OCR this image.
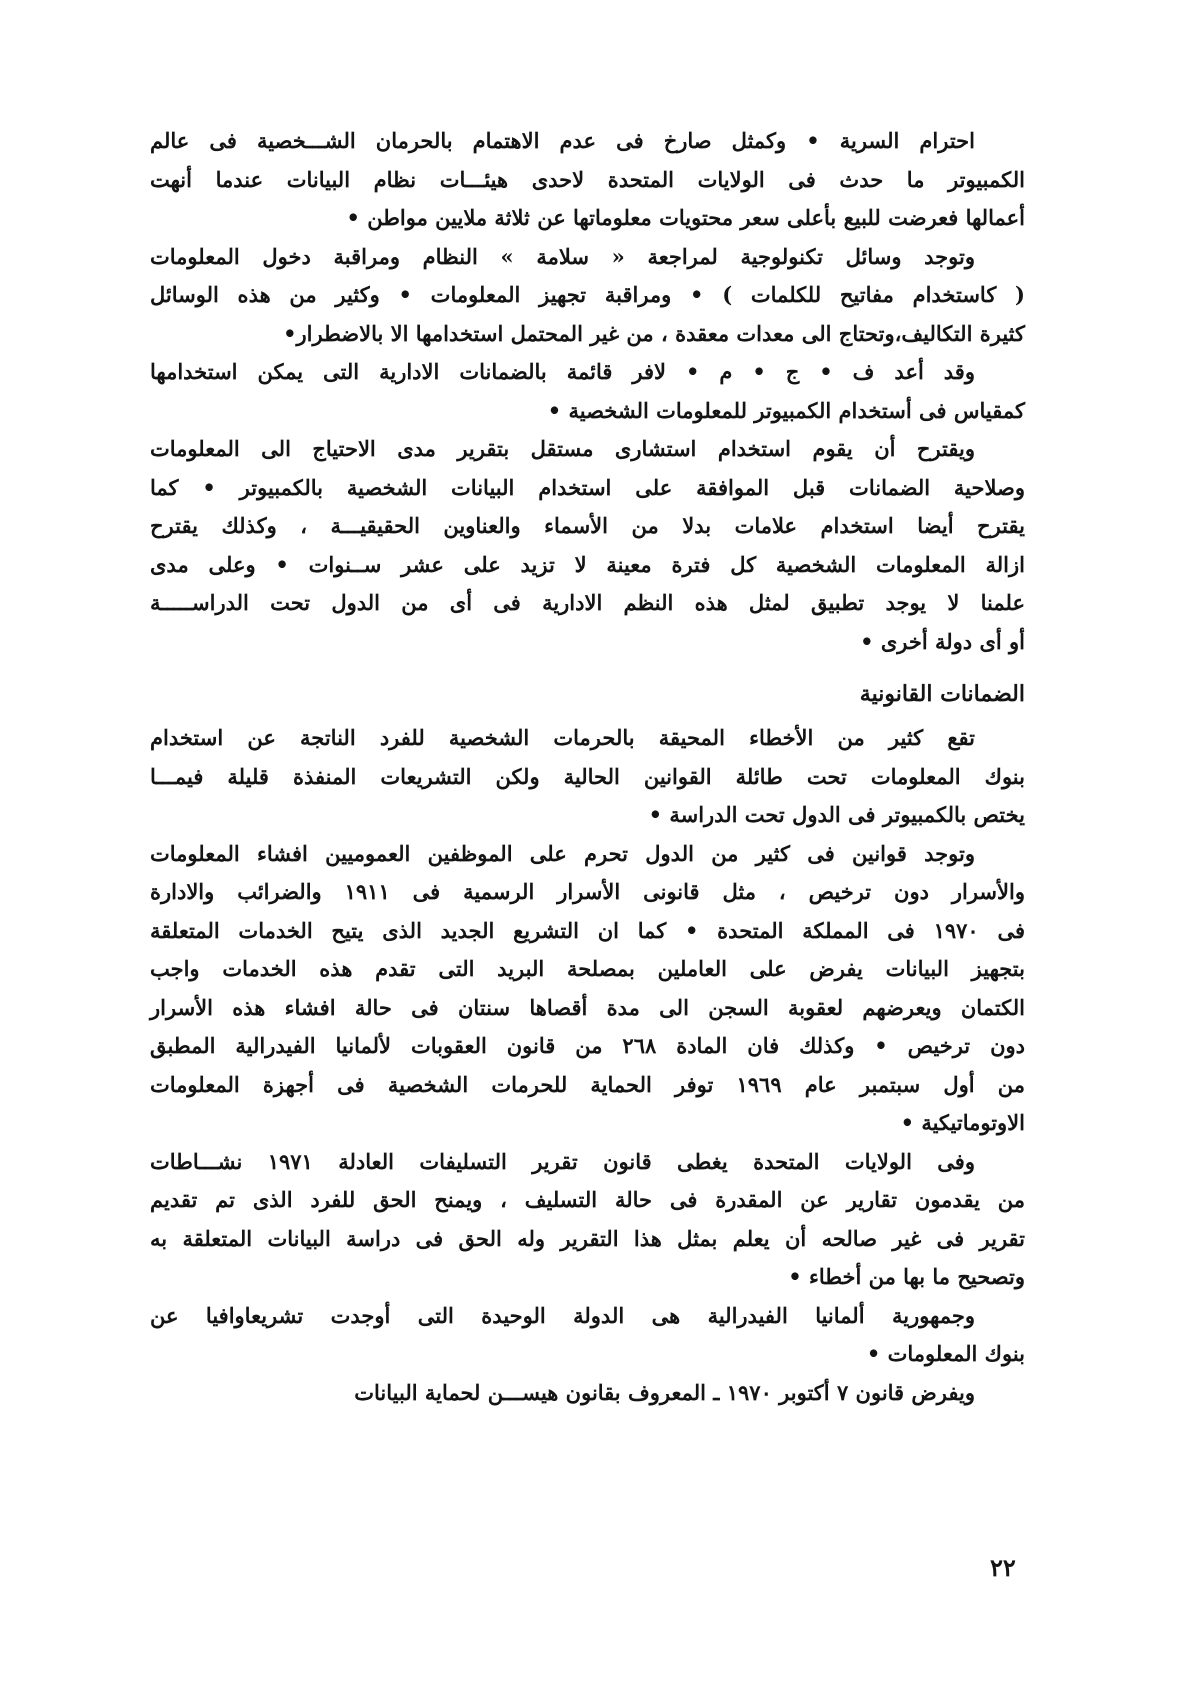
احترام السرية • وكمثل صارخ فى عدم الاهتمام بالحرمان الشـــخصية فى عالم
الكمبيوتر ما حدث فى الولايات المتحدة لاحدى هيئـــات نظام البيانات عندما أنهت
أعمالها فعرضت للبيع بأعلى سعر محتويات معلوماتها عن ثلاثة ملايين مواطن •

وتوجد وسائل تكنولوجية لمراجعة « سلامة » النظام ومراقبة دخول المعلومات
( كاستخدام مفاتيح للكلمات ) • ومراقبة تجهيز المعلومات • وكثير من هذه الوسائل
كثيرة التكاليف،وتحتاج الى معدات معقدة ، من غير المحتمل استخدامها الا بالاضطرار•

وقد أعد ف • ج • م • لافر قائمة بالضمانات الادارية التى يمكن استخدامها
كمقياس فى أستخدام الكمبيوتر للمعلومات الشخصية •

ويقترح أن يقوم استخدام استشارى مستقل بتقرير مدى الاحتياج الى المعلومات
وصلاحية الضمانات قبل الموافقة على استخدام البيانات الشخصية بالكمبيوتر • كما
يقترح أيضا استخدام علامات بدلا من الأسماء والعناوين الحقيقيـــة ، وكذلك يقترح
ازالة المعلومات الشخصية كل فترة معينة لا تزيد على عشر ســنوات • وعلى مدى
علمنا لا يوجد تطبيق لمثل هذه النظم الادارية فى أى من الدول تحت الدراســـــة
أو أى دولة أخرى •

الضمانات القانونية

تقع كثير من الأخطاء المحيقة بالحرمات الشخصية للفرد الناتجة عن استخدام
بنوك المعلومات تحت طائلة القوانين الحالية ولكن التشريعات المنفذة قليلة فيمـــا
يختص بالكمبيوتر فى الدول تحت الدراسة •

وتوجد قوانين فى كثير من الدول تحرم على الموظفين العموميين افشاء المعلومات
والأسرار دون ترخيص ، مثل قانونى الأسرار الرسمية فى ١٩١١ والضرائب والادارة
فى ١٩٧٠ فى المملكة المتحدة • كما ان التشريع الجديد الذى يتيح الخدمات المتعلقة
بتجهيز البيانات يفرض على العاملين بمصلحة البريد التى تقدم هذه الخدمات واجب
الكتمان ويعرضهم لعقوبة السجن الى مدة أقصاها سنتان فى حالة افشاء هذه الأسرار
دون ترخيص • وكذلك فان المادة ٢٦٨ من قانون العقوبات لألمانيا الفيدرالية المطبق
من أول سبتمبر عام ١٩٦٩ توفر الحماية للحرمات الشخصية فى أجهزة المعلومات
الاوتوماتيكية •

وفى الولايات المتحدة يغطى قانون تقرير التسليفات العادلة ١٩٧١ نشـــاطات
من يقدمون تقارير عن المقدرة فى حالة التسليف ، ويمنح الحق للفرد الذى تم تقديم
تقرير فى غير صالحه أن يعلم بمثل هذا التقرير وله الحق فى دراسة البيانات المتعلقة به
وتصحيح ما بها من أخطاء •

وجمهورية ألمانيا الفيدرالية هى الدولة الوحيدة التى أوجدت تشريعاوافيا عن
بنوك المعلومات •

ويفرض قانون ٧ أكتوبر ١٩٧٠ ـ المعروف بقانون هيســـن لحماية البيانات

٢٢
